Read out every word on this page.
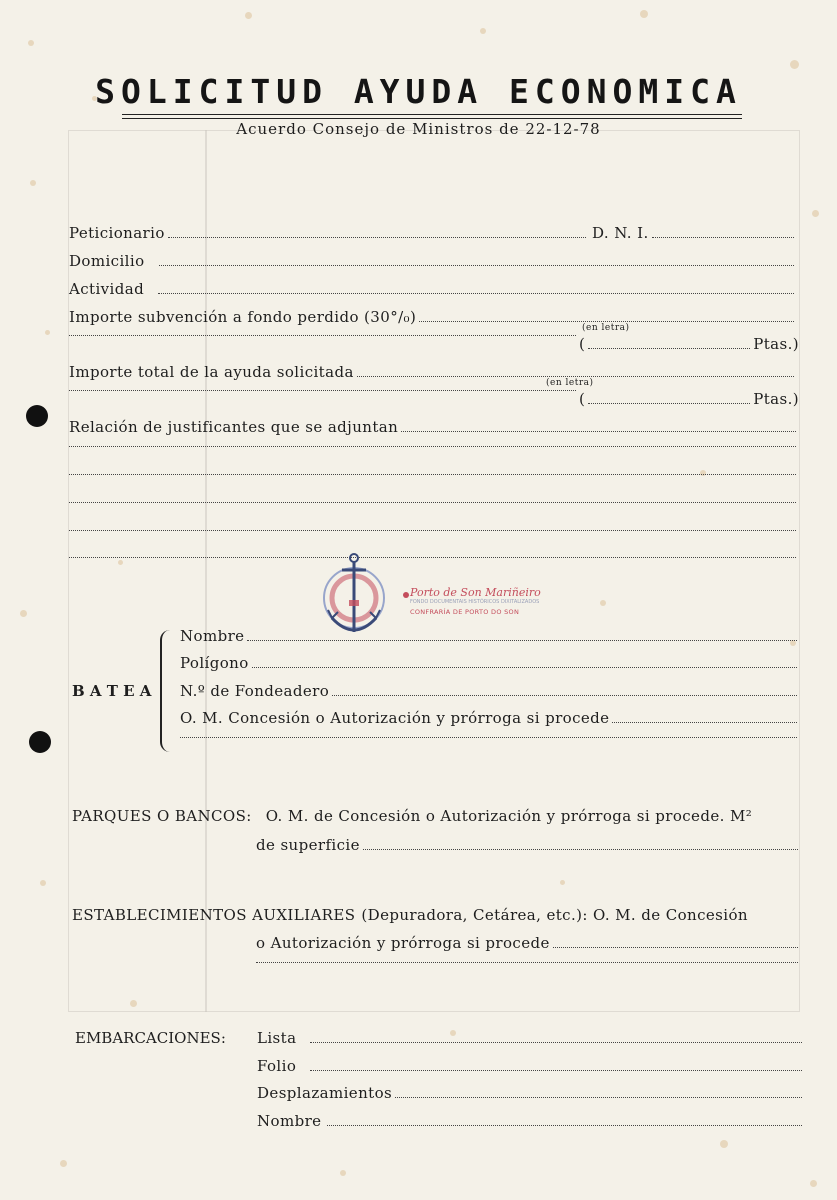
SOLICITUD AYUDA ECONOMICA
Acuerdo Consejo de Ministros de 22-12-78
Peticionario	D. N. I.
Domicilio
Actividad
Importe subvención a fondo perdido (30°/₀)
(en letra)
(	Ptas.)
Importe total de la ayuda solicitada
(en letra)
(	Ptas.)
Relación de justificantes que se adjuntan
Porto de Son Mariñeiro
FONDO DOCUMENTAIS HISTÓRICOS DIXITALIZADOS
CONFRARÍA DE PORTO DO SON
B A T E A
Nombre
Polígono
N.º de Fondeadero
O. M. Concesión o Autorización y prórroga si procede
PARQUES O BANCOS: O. M. de Concesión o Autorización y prórroga si procede. M²
de superficie
ESTABLECIMIENTOS AUXILIARES (Depuradora, Cetárea, etc.): O. M. de Concesión
o Autorización y prórroga si procede
EMBARCACIONES: Lista
Folio
Desplazamientos
Nombre
